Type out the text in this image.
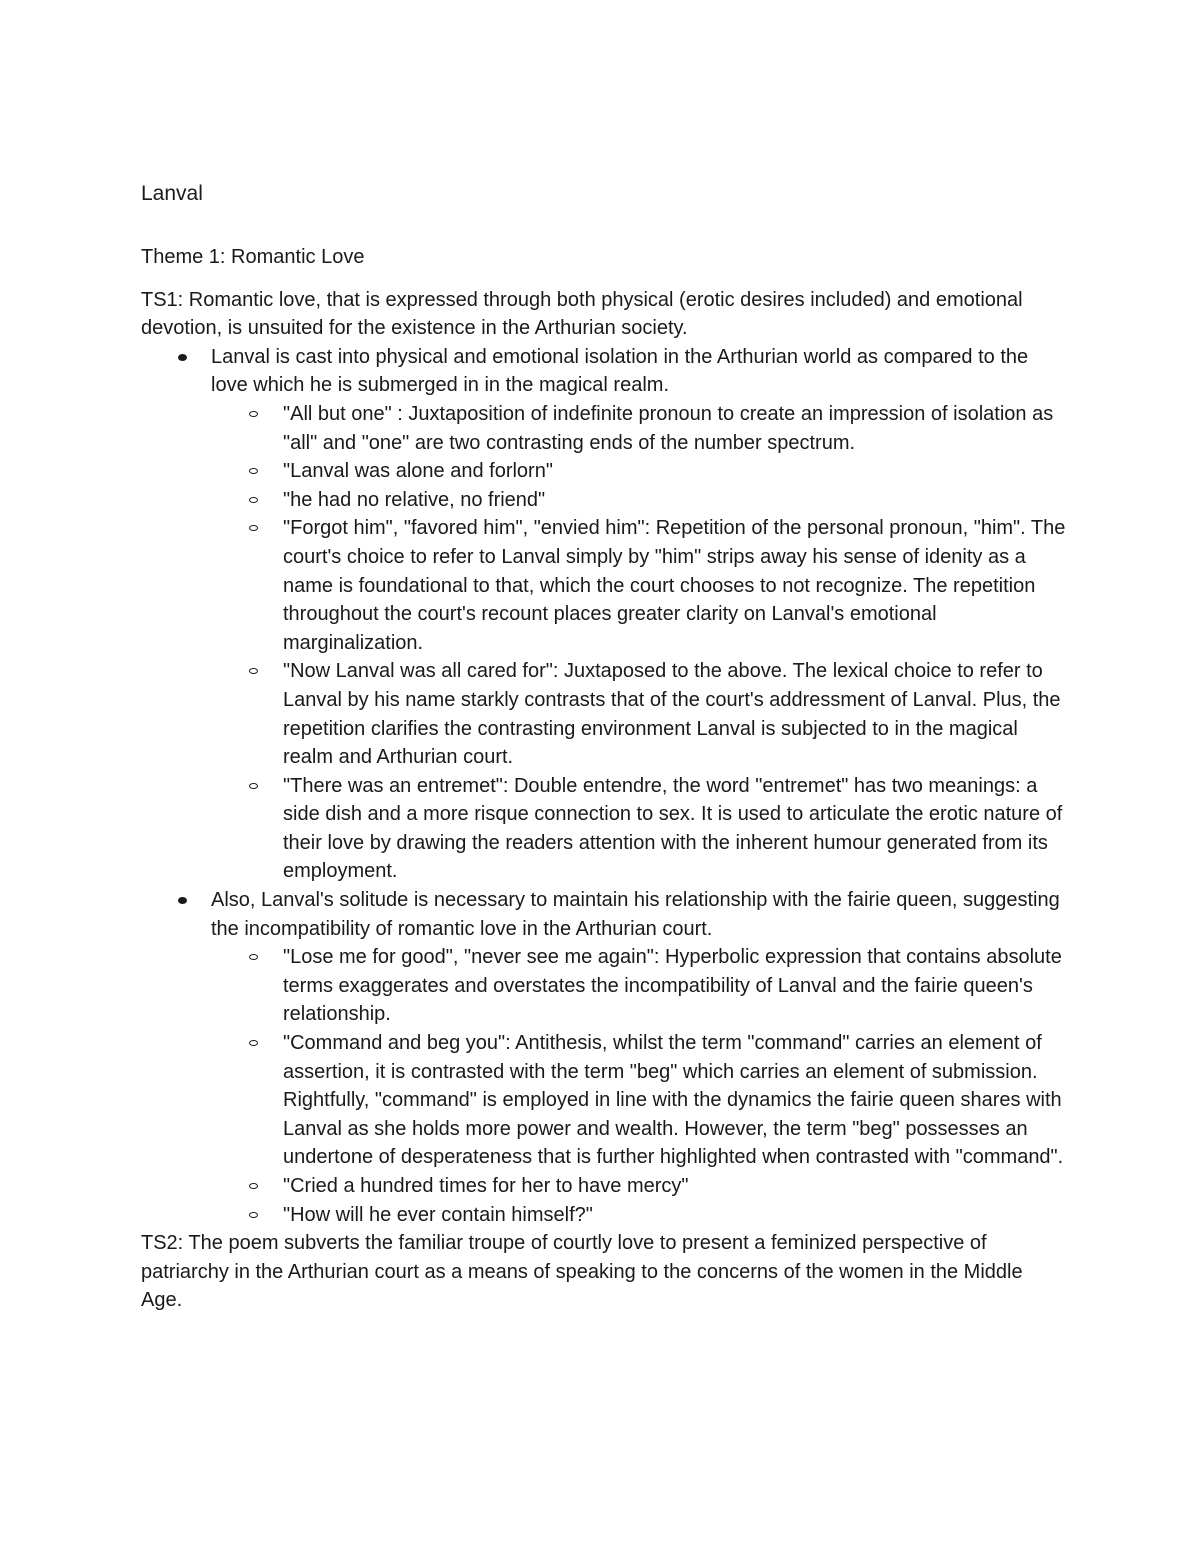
Lanval

Theme 1: Romantic Love

TS1: Romantic love, that is expressed through both physical (erotic desires included) and emotional devotion, is unsuited for the existence in the Arthurian society.

Lanval is cast into physical and emotional isolation in the Arthurian world as compared to the love which he is submerged in in the magical realm.
"All but one" : Juxtaposition of indefinite pronoun to create an impression of isolation as "all" and "one" are two contrasting ends of the number spectrum.
"Lanval was alone and forlorn"
"he had no relative, no friend"
"Forgot him", "favored him", "envied him": Repetition of the personal pronoun, "him". The court's choice to refer to Lanval simply by "him" strips away his sense of idenity as a name is foundational to that, which the court chooses to not recognize. The repetition throughout the court's recount places greater clarity on Lanval's emotional marginalization.
"Now Lanval was all cared for": Juxtaposed to the above. The lexical choice to refer to Lanval by his name starkly contrasts that of the court's addressment of Lanval. Plus, the repetition clarifies the contrasting environment Lanval is subjected to in the magical realm and Arthurian court.
"There was an entremet": Double entendre, the word "entremet" has two meanings: a side dish and a more risque connection to sex. It is used to articulate the erotic nature of their love by drawing the readers attention with the inherent humour generated from its employment.
Also, Lanval's solitude is necessary to maintain his relationship with the fairie queen, suggesting the incompatibility of romantic love in the Arthurian court.
"Lose me for good", "never see me again": Hyperbolic expression that contains absolute terms exaggerates and overstates the incompatibility of Lanval and the fairie queen's relationship.
"Command and beg you": Antithesis, whilst the term "command" carries an element of assertion, it is contrasted with the term "beg" which carries an element of submission. Rightfully, "command" is employed in line with the dynamics the fairie queen shares with Lanval as she holds more power and wealth. However, the term "beg" possesses an undertone of desperateness that is further highlighted when contrasted with "command".
"Cried a hundred times for her to have mercy"
"How will he ever contain himself?"

TS2: The poem subverts the familiar troupe of courtly love to present a feminized perspective of patriarchy in the Arthurian court as a means of speaking to the concerns of the women in the Middle Age.
